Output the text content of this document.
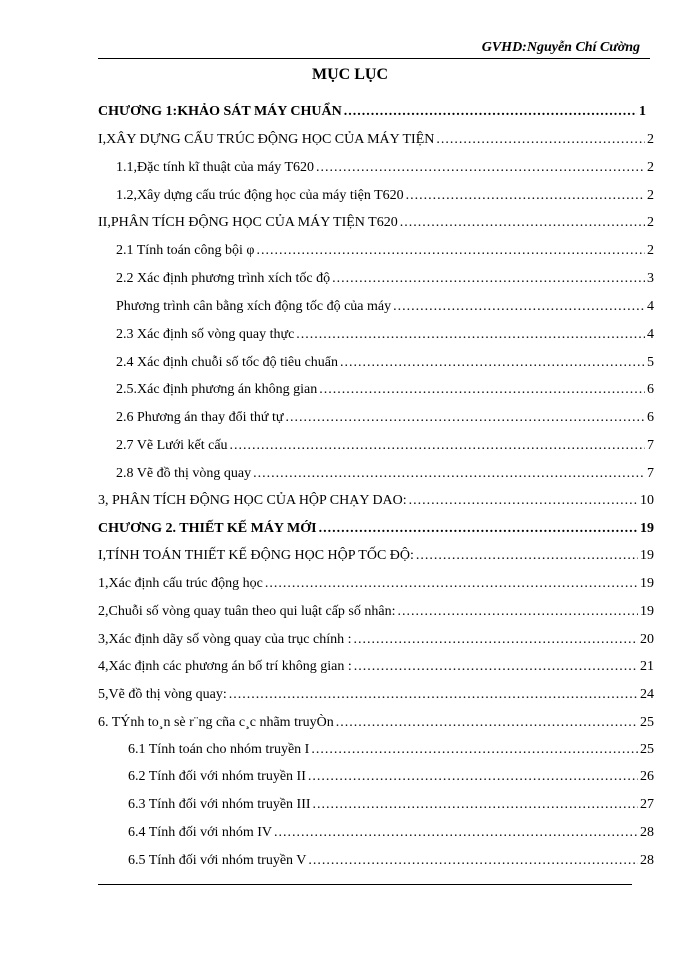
GVHD:Nguyễn Chí Cường
MỤC LỤC
CHƯƠNG 1:KHẢO SÁT MÁY CHUẨN .....	1
I,XÂY DỰNG CẤU TRÚC ĐỘNG HỌC CỦA MÁY TIỆN .....	2
1.1,Đặc tính kĩ thuật của máy T620 .....	2
1.2,Xây dựng cấu trúc động học của máy tiện T620 .....	2
II,PHÂN TÍCH ĐỘNG HỌC CỦA MÁY TIỆN T620 .....	2
2.1 Tính toán công bội φ .....	2
2.2 Xác định phương trình xích tốc độ .....	3
Phương trình cân bằng xích động tốc độ của máy .....	4
2.3 Xác định số vòng quay thực .....	4
2.4 Xác định chuỗi số tốc độ tiêu chuẩn .....	5
2.5.Xác định phương án không gian .....	6
2.6 Phương án thay đổi thứ tự .....	6
2.7 Vẽ Lưới kết cấu .....	7
2.8 Vẽ đồ thị vòng quay .....	7
3, PHÂN TÍCH ĐỘNG HỌC CỦA HỘP CHẠY DAO: .....	10
CHƯƠNG 2. THIẾT KẾ MÁY MỚI .....	19
I,TÍNH TOÁN THIẾT KẾ ĐỘNG HỌC HỘP TỐC ĐỘ: .....	19
1,Xác định cấu trúc động học .....	19
2,Chuỗi số vòng quay tuân theo qui luật cấp số nhân: .....	19
3,Xác định dãy số vòng quay của trục chính : .....	20
4,Xác định các phương án bố trí không gian : .....	21
5,Vẽ đồ thị vòng quay: .....	24
6. TÝnh to¸n sè r¨ng cña c¸c nhãm truyÒn .....	25
6.1 Tính toán cho nhóm truyền I .....	25
6.2 Tính đối với nhóm truyền II .....	26
6.3 Tính đối với nhóm truyền III .....	27
6.4 Tính đối với nhóm IV .....	28
6.5 Tính đối với nhóm truyền V .....	28
